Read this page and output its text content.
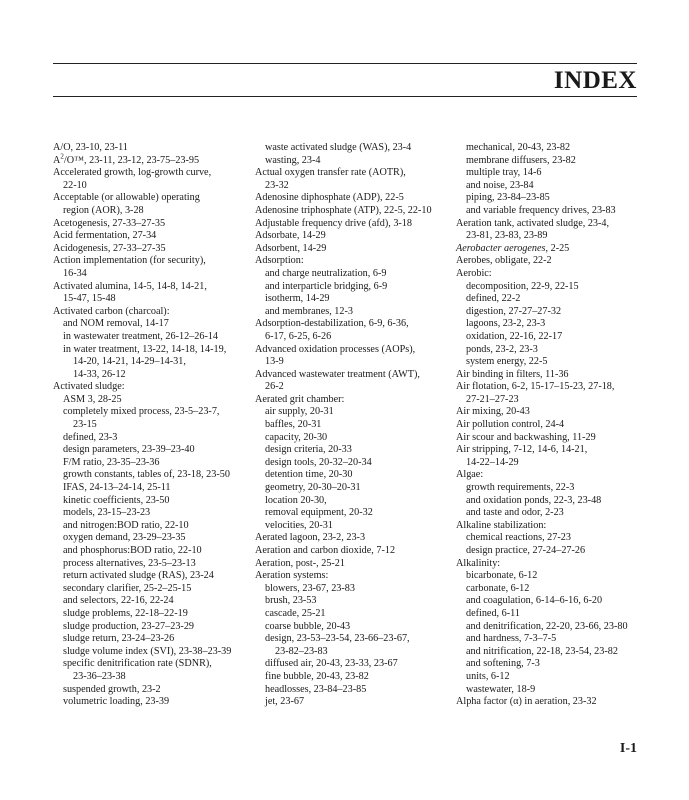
INDEX
A/O, 23-10, 23-11
$A^2/O™$, 23-11, 23-12, 23-75–23-95
Accelerated growth, log-growth curve,
22-10
Acceptable (or allowable) operating
region (AOR), 3-28
Acetogenesis, 27-33–27-35
Acid fermentation, 27-34
Acidogenesis, 27-33–27-35
Action implementation (for security),
16-34
Activated alumina, 14-5, 14-8, 14-21,
15-47, 15-48
Activated carbon (charcoal):
and NOM removal, 14-17
in wastewater treatment, 26-12–26-14
in water treatment, 13-22, 14-18, 14-19,
14-20, 14-21, 14-29–14-31,
14-33, 26-12
Activated sludge:
ASM 3, 28-25
completely mixed process, 23-5–23-7,
23-15
defined, 23-3
design parameters, 23-39–23-40
F/M ratio, 23-35–23-36
growth constants, tables of, 23-18, 23-50
IFAS, 24-13–24-14, 25-11
kinetic coefficients, 23-50
models, 23-15–23-23
and nitrogen:BOD ratio, 22-10
oxygen demand, 23-29–23-35
and phosphorus:BOD ratio, 22-10
process alternatives, 23-5–23-13
return activated sludge (RAS), 23-24
secondary clarifier, 25-2–25-15
and selectors, 22-16, 22-24
sludge problems, 22-18–22-19
sludge production, 23-27–23-29
sludge return, 23-24–23-26
sludge volume index (SVI), 23-38–23-39
specific denitrification rate (SDNR),
23-36–23-38
suspended growth, 23-2
volumetric loading, 23-39
waste activated sludge (WAS), 23-4
wasting, 23-4
Actual oxygen transfer rate (AOTR),
23-32
Adenosine diphosphate (ADP), 22-5
Adenosine triphosphate (ATP), 22-5, 22-10
Adjustable frequency drive (afd), 3-18
Adsorbate, 14-29
Adsorbent, 14-29
Adsorption:
and charge neutralization, 6-9
and interparticle bridging, 6-9
isotherm, 14-29
and membranes, 12-3
Adsorption-destabilization, 6-9, 6-36,
6-17, 6-25, 6-26
Advanced oxidation processes (AOPs),
13-9
Advanced wastewater treatment (AWT),
26-2
Aerated grit chamber:
air supply, 20-31
baffles, 20-31
capacity, 20-30
design criteria, 20-33
design tools, 20-32–20-34
detention time, 20-30
geometry, 20-30–20-31
location 20-30,
removal equipment, 20-32
velocities, 20-31
Aerated lagoon, 23-2, 23-3
Aeration and carbon dioxide, 7-12
Aeration, post-, 25-21
Aeration systems:
blowers, 23-67, 23-83
brush, 23-53
cascade, 25-21
coarse bubble, 20-43
design, 23-53–23-54, 23-66–23-67,
23-82–23-83
diffused air, 20-43, 23-33, 23-67
fine bubble, 20-43, 23-82
headlosses, 23-84–23-85
jet, 23-67
mechanical, 20-43, 23-82
membrane diffusers, 23-82
multiple tray, 14-6
and noise, 23-84
piping, 23-84–23-85
and variable frequency drives, 23-83
Aeration tank, activated sludge, 23-4,
23-81, 23-83, 23-89
Aerobacter aerogenes, 2-25
Aerobes, obligate, 22-2
Aerobic:
decomposition, 22-9, 22-15
defined, 22-2
digestion, 27-27–27-32
lagoons, 23-2, 23-3
oxidation, 22-16, 22-17
ponds, 23-2, 23-3
system energy, 22-5
Air binding in filters, 11-36
Air flotation, 6-2, 15-17–15-23, 27-18,
27-21–27-23
Air mixing, 20-43
Air pollution control, 24-4
Air scour and backwashing, 11-29
Air stripping, 7-12, 14-6, 14-21,
14-22–14-29
Algae:
growth requirements, 22-3
and oxidation ponds, 22-3, 23-48
and taste and odor, 2-23
Alkaline stabilization:
chemical reactions, 27-23
design practice, 27-24–27-26
Alkalinity:
bicarbonate, 6-12
carbonate, 6-12
and coagulation, 6-14–6-16, 6-20
defined, 6-11
and denitrification, 22-20, 23-66, 23-80
and hardness, 7-3–7-5
and nitrification, 22-18, 23-54, 23-82
and softening, 7-3
units, 6-12
wastewater, 18-9
Alpha factor (α) in aeration, 23-32
I-1
